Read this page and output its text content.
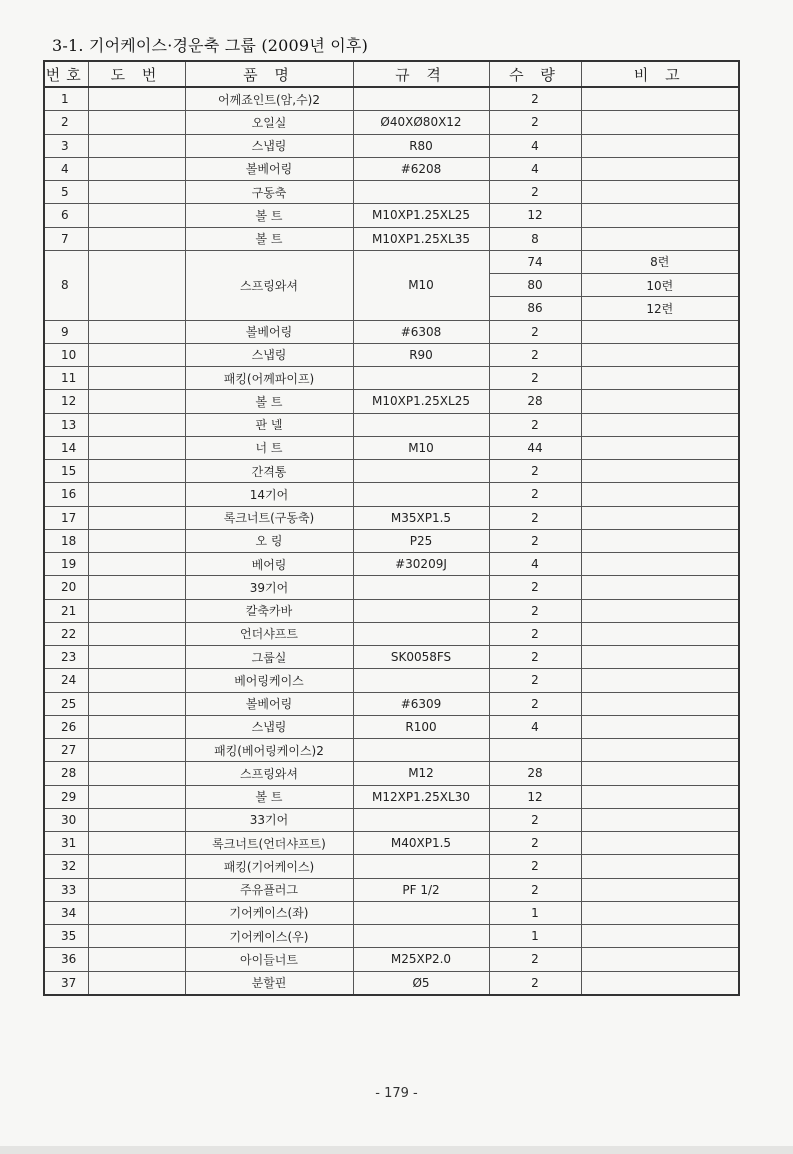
3-1. 기어케이스·경운축 그룹 (2009년 이후)
번호	도 번	품 명	규 격	수 량	비 고
1		어께죠인트(암,수)2		2	
2		오일실	Ø40XØ80X12	2	
3		스냅링	R80	4	
4		볼베어링	#6208	4	
5		구동축		2	
6		볼 트	M10XP1.25XL25	12	
7		볼 트	M10XP1.25XL35	8	
8		스프링와셔	M10	74	8련
				80	10련
				86	12련
9		볼베어링	#6308	2	
10		스냅링	R90	2	
11		패킹(어께파이프)		2	
12		볼 트	M10XP1.25XL25	28	
13		판 넬		2	
14		너 트	M10	44	
15		간격통		2	
16		14기어		2	
17		록크너트(구동축)	M35XP1.5	2	
18		오 링	P25	2	
19		베어링	#30209J	4	
20		39기어		2	
21		칼축카바		2	
22		언더샤프트		2	
23		그룹실	SK0058FS	2	
24		베어링케이스		2	
25		볼베어링	#6309	2	
26		스냅링	R100	4	
27		패킹(베어링케이스)2			
28		스프링와셔	M12	28	
29		볼 트	M12XP1.25XL30	12	
30		33기어		2	
31		록크너트(언더샤프트)	M40XP1.5	2	
32		패킹(기어케이스)		2	
33		주유플러그	PF 1/2	2	
34		기어케이스(좌)		1	
35		기어케이스(우)		1	
36		아이들너트	M25XP2.0	2	
37		분할핀	Ø5	2	
- 179 -
